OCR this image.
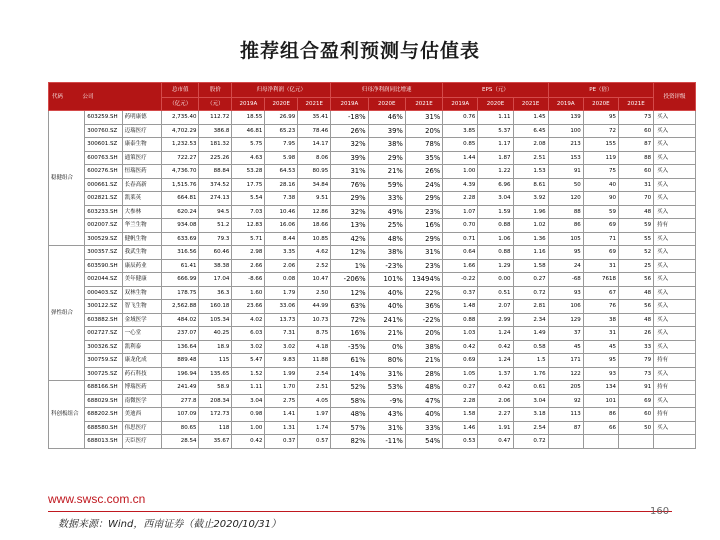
推荐组合盈利预测与估值表
代码 公司			总市值	股价	归母净利润（亿元）			归母净利润同比增速			EPS（元）			PE（倍）			投资评级
			（亿元）	（元）	2019A	2020E	2021E	2019A	2020E	2021E	2019A	2020E	2021E	2019A	2020E	2021E	
稳健组合	603259.SH	药明康德	2,735.40	112.72	18.55	26.99	35.41	-18%	46%	31%	0.76	1.11	1.45	139	95	73	买入
	300760.SZ	迈瑞医疗	4,702.29	386.8	46.81	65.23	78.46	26%	39%	20%	3.85	5.37	6.45	100	72	60	买入
	300601.SZ	康泰生物	1,232.53	181.32	5.75	7.95	14.17	32%	38%	78%	0.85	1.17	2.08	213	155	87	买入
	600763.SH	通策医疗	722.27	225.26	4.63	5.98	8.06	39%	29%	35%	1.44	1.87	2.51	153	119	88	买入
	600276.SH	恒瑞医药	4,736.70	88.84	53.28	64.53	80.95	31%	21%	26%	1.00	1.22	1.53	91	75	60	买入
	000661.SZ	长春高新	1,515.76	374.52	17.75	28.16	34.84	76%	59%	24%	4.39	6.96	8.61	50	40	31	买入
	002821.SZ	凯莱英	664.81	274.13	5.54	7.38	9.51	29%	33%	29%	2.28	3.04	3.92	120	90	70	买入
	603233.SH	大参林	620.24	94.5	7.03	10.46	12.86	32%	49%	23%	1.07	1.59	1.96	88	59	48	买入
	002007.SZ	华兰生物	934.08	51.2	12.83	16.06	18.66	13%	25%	16%	0.70	0.88	1.02	86	69	59	持有
	300529.SZ	健帆生物	633.69	79.3	5.71	8.44	10.85	42%	48%	29%	0.71	1.06	1.36	105	71	55	买入
弹性组合	300357.SZ	我武生物	316.56	60.46	2.98	3.35	4.62	12%	38%	31%	0.64	0.88	1.16	95	69	52	买入
	603590.SH	康辰药业	61.41	38.38	2.66	2.06	2.52	1%	-23%	23%	1.66	1.29	1.58	24	31	25	买入
	002044.SZ	美年健康	666.99	17.04	-8.66	0.08	10.47	-206%	101%	13494%	-0.22	0.00	0.27	-68	7618	56	买入
	000403.SZ	双林生物	178.75	36.3	1.60	1.79	2.50	12%	40%	22%	0.37	0.51	0.72	93	67	48	买入
	300122.SZ	智飞生物	2,562.88	160.18	23.66	33.06	44.99	63%	40%	36%	1.48	2.07	2.81	106	76	56	买入
	603882.SH	金域医学	484.02	105.34	4.02	13.73	10.73	72%	241%	-22%	0.88	2.99	2.34	129	38	48	买入
	002727.SZ	一心堂	237.07	40.25	6.03	7.31	8.75	16%	21%	20%	1.03	1.24	1.49	37	31	26	买入
	300326.SZ	凯利泰	136.64	18.9	3.02	3.02	4.18	-35%	0%	38%	0.42	0.42	0.58	45	45	33	买入
	300759.SZ	康龙化成	889.48	115	5.47	9.83	11.88	61%	80%	21%	0.69	1.24	1.5	171	95	79	持有
	300725.SZ	药石科技	196.94	135.65	1.52	1.99	2.54	14%	31%	28%	1.05	1.37	1.76	122	93	73	买入
科创板组合	688166.SH	博瑞医药	241.49	58.9	1.11	1.70	2.51	52%	53%	48%	0.27	0.42	0.61	205	134	91	持有
	688029.SH	南微医学	277.8	208.34	3.04	2.75	4.05	58%	-9%	47%	2.28	2.06	3.04	92	101	69	买入
	688202.SH	美迪西	107.09	172.73	0.98	1.41	1.97	48%	43%	40%	1.58	2.27	3.18	113	86	60	持有
	688580.SH	伟思医疗	80.65	118	1.00	1.31	1.74	57%	31%	33%	1.46	1.91	2.54	87	66	50	买入
	688013.SH	天臣医疗	28.54	35.67	0.42	0.37	0.57	82%	-11%	54%	0.53	0.47	0.72				
www.swsc.com.cn
数据来源：Wind，西南证券（截止2020/10/31）
160
